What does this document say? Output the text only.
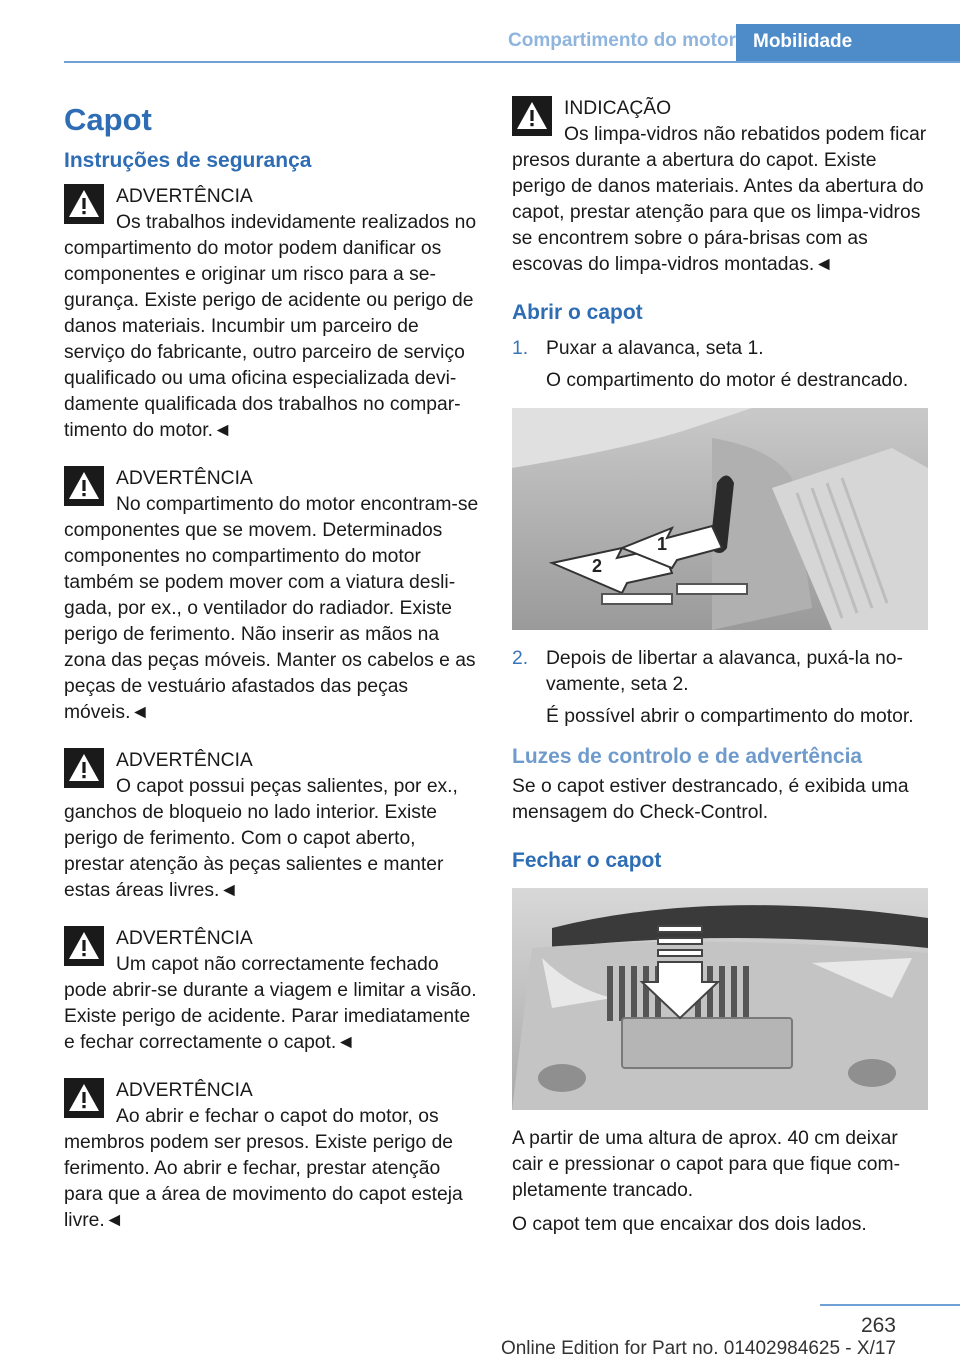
Compartimento do motor Mobilidade
Capot
Instruções de segurança
ADVERTÊNCIA
Os trabalhos indevidamente realizados no compartimento do motor podem danificar os componentes e originar um risco para a segurança. Existe perigo de acidente ou perigo de danos materiais. Incumbir um parceiro de serviço do fabricante, outro parceiro de serviço qualificado ou uma oficina especializada devidamente qualificada dos trabalhos no compartimento do motor.◄
ADVERTÊNCIA
No compartimento do motor encontram-se componentes que se movem. Determinados componentes no compartimento do motor também se podem mover com a viatura desligada, por ex., o ventilador do radiador. Existe perigo de ferimento. Não inserir as mãos na zona das peças móveis. Manter os cabelos e as peças de vestuário afastados das peças móveis.◄
ADVERTÊNCIA
O capot possui peças salientes, por ex., ganchos de bloqueio no lado interior. Existe perigo de ferimento. Com o capot aberto, prestar atenção às peças salientes e manter estas áreas livres.◄
ADVERTÊNCIA
Um capot não correctamente fechado pode abrir-se durante a viagem e limitar a visão. Existe perigo de acidente. Parar imediatamente e fechar correctamente o capot.◄
ADVERTÊNCIA
Ao abrir e fechar o capot do motor, os membros podem ser presos. Existe perigo de ferimento. Ao abrir e fechar, prestar atenção para que a área de movimento do capot esteja livre.◄
INDICAÇÃO
Os limpa-vidros não rebatidos podem ficar presos durante a abertura do capot. Existe perigo de danos materiais. Antes da abertura do capot, prestar atenção para que os limpa-vidros se encontrem sobre o pára-brisas com as escovas do limpa-vidros montadas.◄
Abrir o capot
1. Puxar a alavanca, seta 1.
O compartimento do motor é destrancado.
2
1
2. Depois de libertar a alavanca, puxá-la novamente, seta 2.
É possível abrir o compartimento do motor.
Luzes de controlo e de advertência

Se o capot estiver destrancado, é exibida uma mensagem do Check-Control.

Fechar o capot

A partir de uma altura de aprox. 40 cm deixar cair e pressionar o capot para que fique completamente trancado.

O capot tem que encaixar dos dois lados.

263
Online Edition for Part no. 01402984625 - X/17
